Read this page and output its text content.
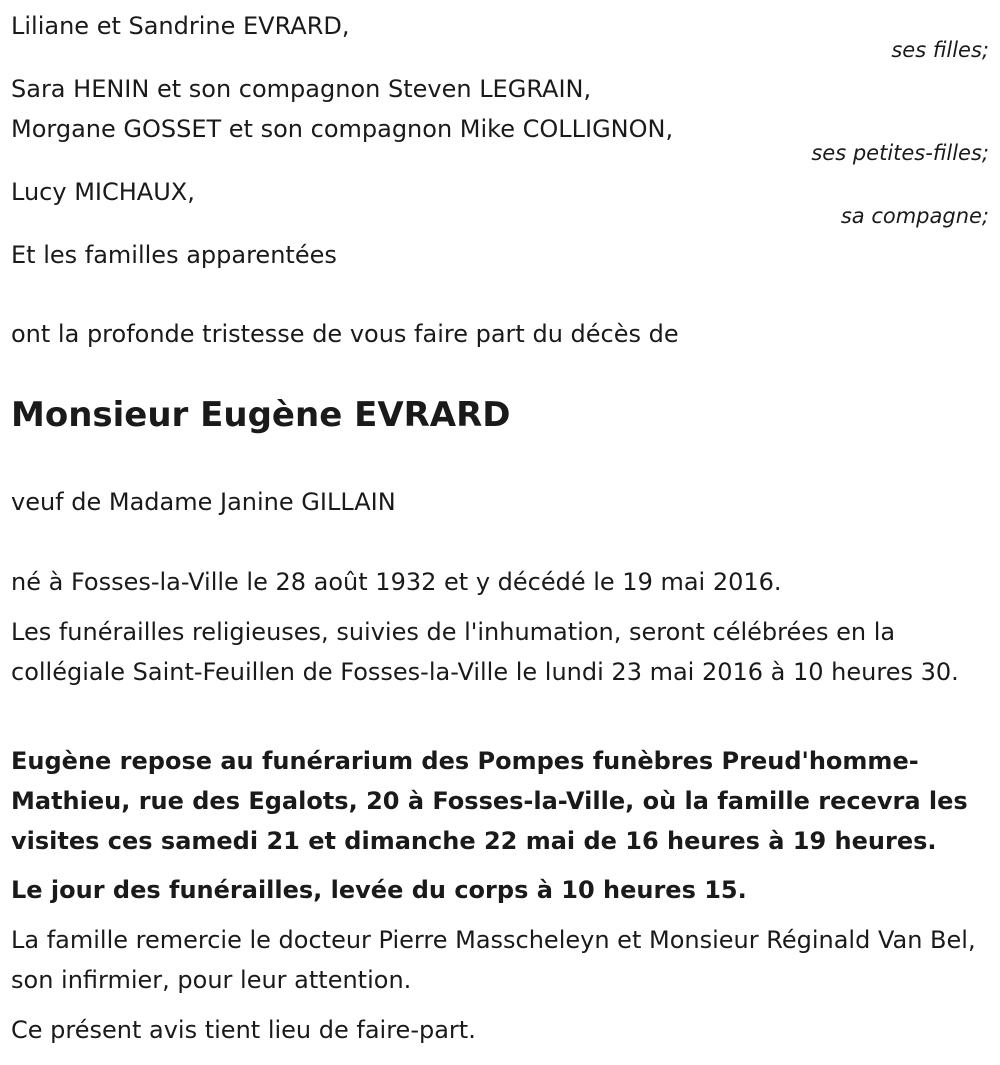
Liliane et Sandrine EVRARD,
ses filles;
Sara HENIN et son compagnon Steven LEGRAIN,
Morgane GOSSET et son compagnon Mike COLLIGNON,
ses petites-filles;
Lucy MICHAUX,
sa compagne;
Et les familles apparentées
ont la profonde tristesse de vous faire part du décès de
Monsieur Eugène EVRARD
veuf de Madame Janine GILLAIN
né à Fosses-la-Ville le 28 août 1932 et y décédé le 19 mai 2016.
Les funérailles religieuses, suivies de l'inhumation, seront célébrées en la collégiale Saint-Feuillen de Fosses-la-Ville le lundi 23 mai 2016 à 10 heures 30.
Eugène repose au funérarium des Pompes funèbres Preud'homme-Mathieu, rue des Egalots, 20 à Fosses-la-Ville, où la famille recevra les visites ces samedi 21 et dimanche 22 mai de 16 heures à 19 heures.
Le jour des funérailles, levée du corps à 10 heures 15.
La famille remercie le docteur Pierre Masscheleyn et Monsieur Réginald Van Bel, son infirmier, pour leur attention.
Ce présent avis tient lieu de faire-part.
